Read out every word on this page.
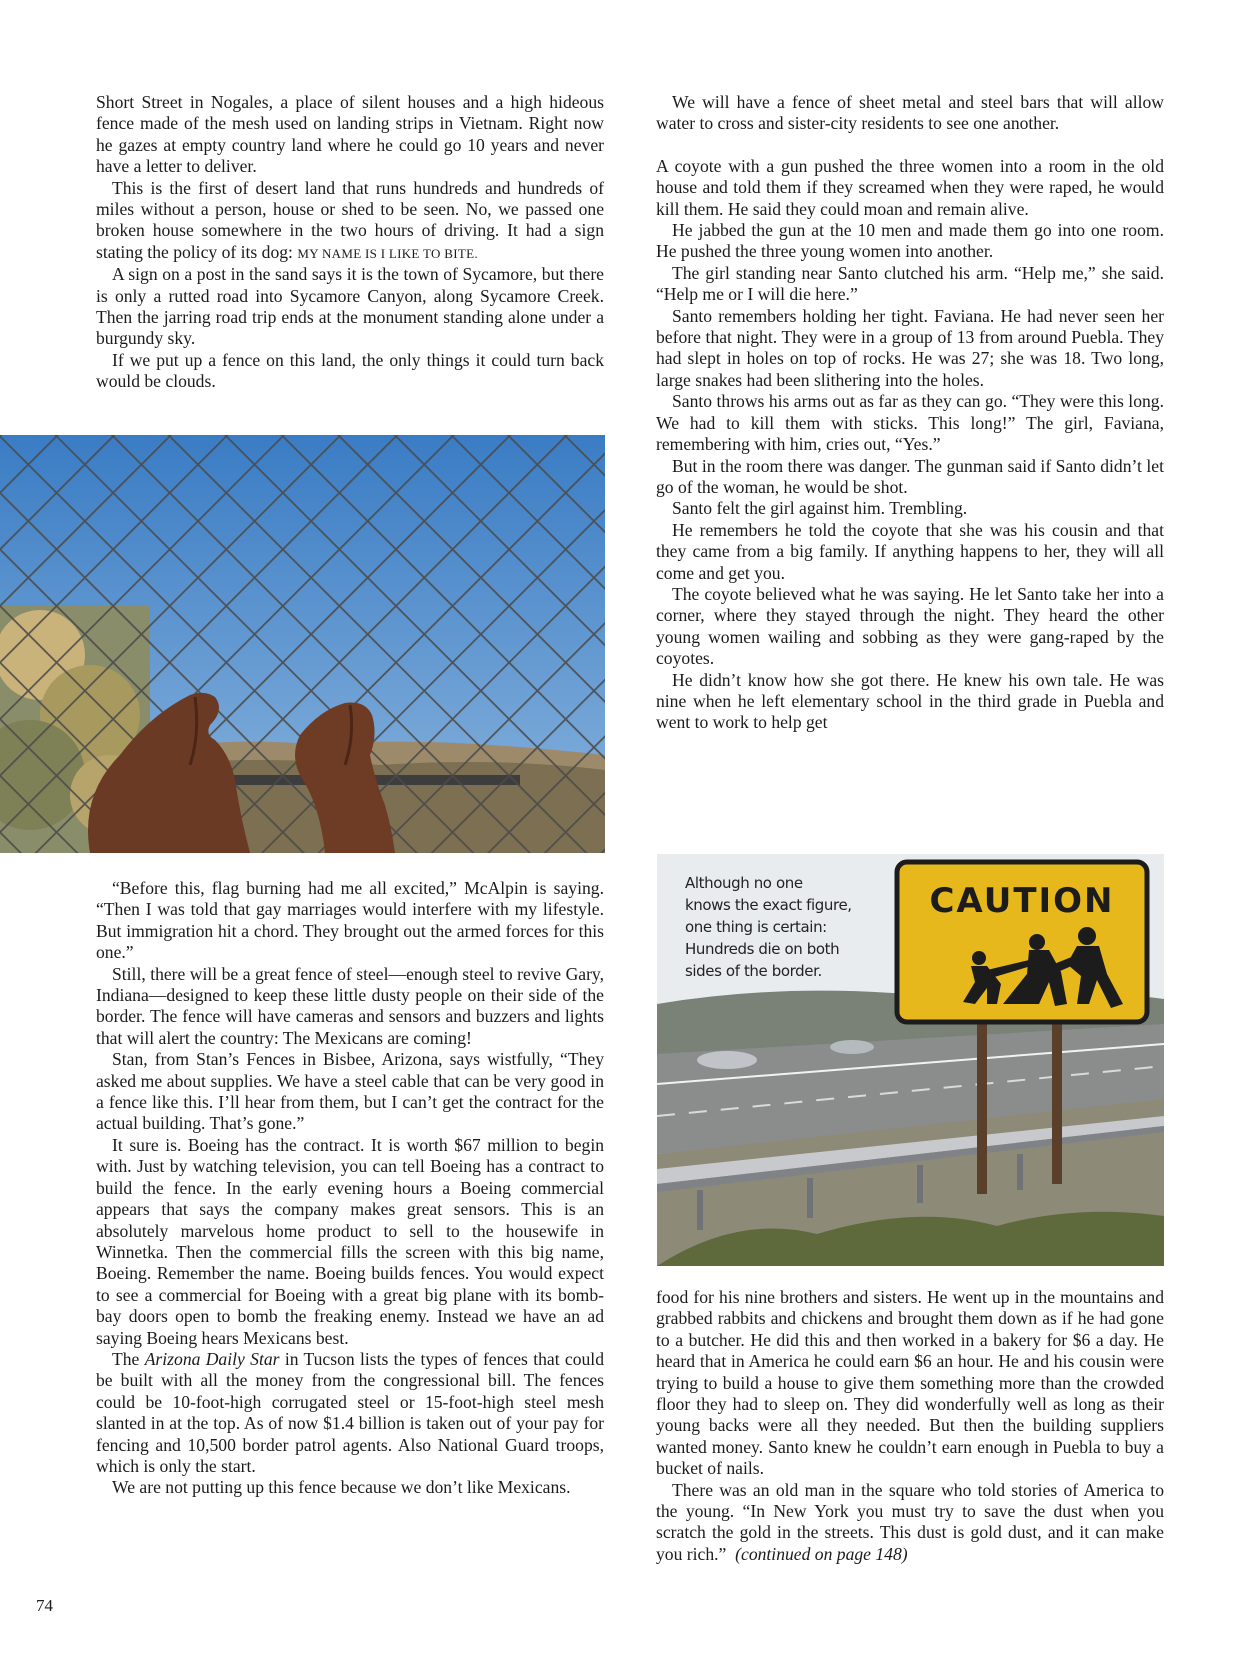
Short Street in Nogales, a place of silent houses and a high hideous fence made of the mesh used on landing strips in Vietnam. Right now he gazes at empty country land where he could go 10 years and never have a letter to deliver.

This is the first of desert land that runs hundreds and hundreds of miles without a person, house or shed to be seen. No, we passed one broken house somewhere in the two hours of driving. It had a sign stating the policy of its dog: MY NAME IS I LIKE TO BITE.

A sign on a post in the sand says it is the town of Sycamore, but there is only a rutted road into Sycamore Canyon, along Sycamore Creek. Then the jarring road trip ends at the monument standing alone under a burgundy sky.

If we put up a fence on this land, the only things it could turn back would be clouds.

“Before this, flag burning had me all excited,” McAlpin is saying. “Then I was told that gay marriages would interfere with my lifestyle. But immigration hit a chord. They brought out the armed forces for this one.”

Still, there will be a great fence of steel—enough steel to revive Gary, Indiana—designed to keep these little dusty people on their side of the border. The fence will have cameras and sensors and buzzers and lights that will alert the country: The Mexicans are coming!

Stan, from Stan’s Fences in Bisbee, Arizona, says wistfully, “They asked me about supplies. We have a steel cable that can be very good in a fence like this. I’ll hear from them, but I can’t get the contract for the actual building. That’s gone.”

It sure is. Boeing has the contract. It is worth $67 million to begin with. Just by watching television, you can tell Boeing has a contract to build the fence. In the early evening hours a Boeing commercial appears that says the company makes great sensors. This is an absolutely marvelous home product to sell to the housewife in Winnetka. Then the commercial fills the screen with this big name, Boeing. Remember the name. Boeing builds fences. You would expect to see a commercial for Boeing with a great big plane with its bomb-bay doors open to bomb the freaking enemy. Instead we have an ad saying Boeing hears Mexicans best.

The Arizona Daily Star in Tucson lists the types of fences that could be built with all the money from the congressional bill. The fences could be 10-foot-high corrugated steel or 15-foot-high steel mesh slanted in at the top. As of now $1.4 billion is taken out of your pay for fencing and 10,500 border patrol agents. Also National Guard troops, which is only the start.

We are not putting up this fence because we don’t like Mexicans.

We will have a fence of sheet metal and steel bars that will allow water to cross and sister-city residents to see one another.

A coyote with a gun pushed the three women into a room in the old house and told them if they screamed when they were raped, he would kill them. He said they could moan and remain alive.

He jabbed the gun at the 10 men and made them go into one room. He pushed the three young women into another.

The girl standing near Santo clutched his arm. “Help me,” she said. “Help me or I will die here.”

Santo remembers holding her tight. Faviana. He had never seen her before that night. They were in a group of 13 from around Puebla. They had slept in holes on top of rocks. He was 27; she was 18. Two long, large snakes had been slithering into the holes.

Santo throws his arms out as far as they can go. “They were this long. We had to kill them with sticks. This long!” The girl, Faviana, remembering with him, cries out, “Yes.”

But in the room there was danger. The gunman said if Santo didn’t let go of the woman, he would be shot.

Santo felt the girl against him. Trembling.

He remembers he told the coyote that she was his cousin and that they came from a big family. If anything happens to her, they will all come and get you.

The coyote believed what he was saying. He let Santo take her into a corner, where they stayed through the night. They heard the other young women wailing and sobbing as they were gang-raped by the coyotes.

He didn’t know how she got there. He knew his own tale. He was nine when he left elementary school in the third grade in Puebla and went to work to help get

CAUTION
Although no one
knows the exact figure,
one thing is certain:
Hundreds die on both
sides of the border.

food for his nine brothers and sisters. He went up in the mountains and grabbed rabbits and chickens and brought them down as if he had gone to a butcher. He did this and then worked in a bakery for $6 a day. He heard that in America he could earn $6 an hour. He and his cousin were trying to build a house to give them something more than the crowded floor they had to sleep on. They did wonderfully well as long as their young backs were all they needed. But then the building suppliers wanted money. Santo knew he couldn’t earn enough in Puebla to buy a bucket of nails.

There was an old man in the square who told stories of America to the young. “In New York you must try to save the dust when you scratch the gold in the streets. This dust is gold dust, and it can make you rich.” (continued on page 148)

74
